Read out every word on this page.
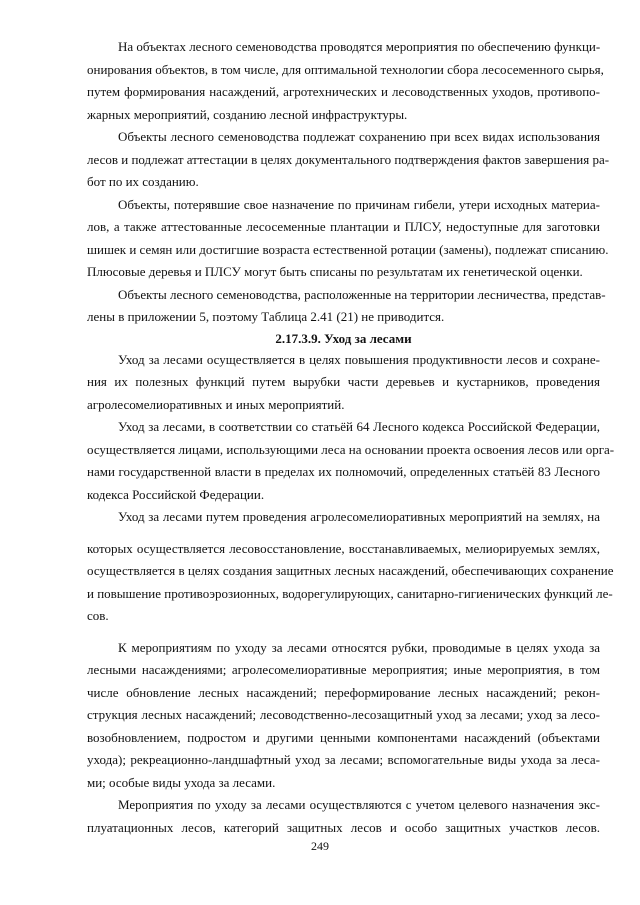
На объектах лесного семеноводства проводятся мероприятия по обеспечению функци-
онирования объектов, в том числе, для оптимальной технологии сбора лесосеменного сырья,
путем формирования насаждений, агротехнических и лесоводственных уходов, противопо-
жарных мероприятий, созданию лесной инфраструктуры.
Объекты лесного семеноводства подлежат сохранению при всех видах использования
лесов и подлежат аттестации в целях документального подтверждения фактов завершения ра-
бот по их созданию.
Объекты, потерявшие свое назначение по причинам гибели, утери исходных материа-
лов, а также аттестованные лесосеменные плантации и ПЛСУ, недоступные для заготовки
шишек и семян или достигшие возраста естественной ротации (замены), подлежат списанию.
Плюсовые деревья и ПЛСУ могут быть списаны по результатам их генетической оценки.
Объекты лесного семеноводства, расположенные на территории лесничества, представ-
лены в приложении 5, поэтому Таблица 2.41 (21) не приводится.
2.17.3.9. Уход за лесами
Уход за лесами осуществляется в целях повышения продуктивности лесов и сохране-
ния их полезных функций путем вырубки части деревьев и кустарников, проведения
агролесомелиоративных и иных мероприятий.
Уход за лесами, в соответствии со статьёй 64 Лесного кодекса Российской Федерации,
осуществляется лицами, использующими леса на основании проекта освоения лесов или орга-
нами государственной власти в пределах их полномочий, определенных статьёй 83 Лесного
кодекса Российской Федерации.
Уход за лесами путем проведения агролесомелиоративных мероприятий на землях, на
которых осуществляется лесовосстановление, восстанавливаемых, мелиорируемых землях,
осуществляется в целях создания защитных лесных насаждений, обеспечивающих сохранение
и повышение противоэрозионных, водорегулирующих, санитарно-гигиенических функций ле-
сов.
К мероприятиям по уходу за лесами относятся рубки, проводимые в целях ухода за
лесными насаждениями; агролесомелиоративные мероприятия; иные мероприятия, в том
числе обновление лесных насаждений; переформирование лесных насаждений; рекон-
струкция лесных насаждений; лесоводственно-лесозащитный уход за лесами; уход за лесо-
возобновлением, подростом и другими ценными компонентами насаждений (объектами
ухода); рекреационно-ландшафтный уход за лесами; вспомогательные виды ухода за леса-
ми; особые виды ухода за лесами.
Мероприятия по уходу за лесами осуществляются с учетом целевого назначения экс-
плуатационных лесов, категорий защитных лесов и особо защитных участков лесов.
249
